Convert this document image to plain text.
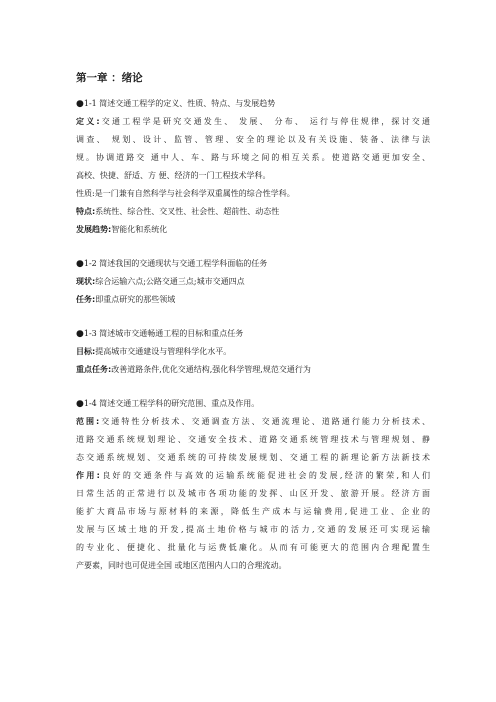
第一章 ：绪论
●1-1 简述交通工程学的定义、性质、特点、与发展趋势
定义:交通工程学是研究交通发生、 发展、 分布、 运行与停住规律，探讨交通
调查、 规划、设计、监管、管理、安全的理论以及有关设施、装备、法律与法
规。协调道路交 通中人、车、路与环境之间的相互关系。使道路交通更加安全、
高校、快捷、舒适、方 便、经济的一门工程技术学科。
性质:是一门兼有自然科学与社会科学双重属性的综合性学科。
特点:系统性、综合性、交叉性、社会性、超前性、动态性
发展趋势:智能化和系统化
●1-2 简述我国的交通现状与交通工程学科面临的任务
现状:综合运输六点;公路交通三点;城市交通四点
任务:即重点研究的那些领域
●1-3 简述城市交通畅通工程的目标和重点任务
目标:提高城市交通建设与管理科学化水平。
重点任务:改善道路条件,优化交通结构,强化科学管理,规范交通行为
●1-4 简述交通工程学科的研究范围、重点及作用。
范围:交通特性分析技术、交通调查方法、交通流理论、道路通行能力分析技术、
道路交通系统规划理论、交通安全技术、道路交通系统管理技术与管理规划、静
态交通系统规划、交通系统的可持续发展规划、交通工程的新理论新方法新技术
作用:良好的交通条件与高效的运输系统能促进社会的发展,经济的繁荣,和人们
日常生活的正常进行以及城市各项功能的发挥、山区开发、旅游开展。经济方面
能扩大商品市场与原材料的来源，降低生产成本与运输费用,促进工业、企业的
发展与区域土地的开发,提高土地价格与城市的活力,交通的发展还可实现运输
的专业化、便捷化、批量化与运费低廉化。从而有可能更大的范围内合理配置生
产要素，同时也可促进全国 或地区范围内人口的合理流动。
